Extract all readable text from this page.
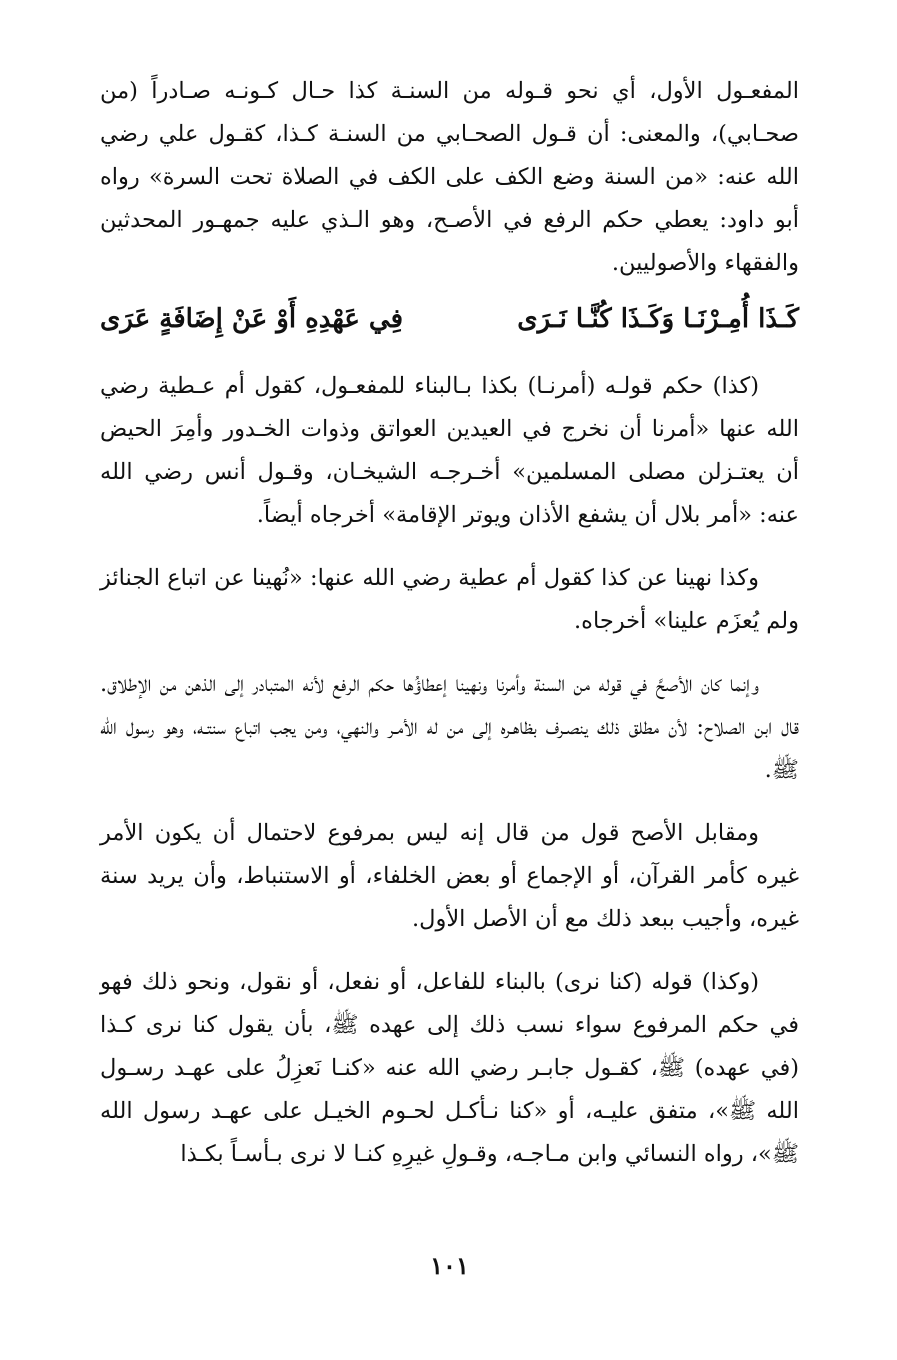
المفعـول الأول، أي نحو قـوله من السنـة كذا حـال كـونـه صـادراً (من صحـابي)، والمعنى: أن قـول الصحـابي من السنـة كـذا، كقـول علي رضي الله عنه: «من السنة وضع الكف على الكف في الصلاة تحت السرة» رواه أبو داود: يعطي حكم الرفع في الأصـح، وهو الـذي عليه جمهـور المحدثين والفقهاء والأصوليين.

كَـذَا أُمِـرْنَـا وَكَـذَا كُنَّـا نَـرَى
فِي عَهْدِهِ أَوْ عَنْ إِضَافَةٍ عَرَى

(كذا) حكم قولـه (أمرنـا) بكذا بـالبناء للمفعـول، كقول أم عـطية رضي الله عنها «أمرنا أن نخرج في العيدين العواتق وذوات الخـدور وأمِرَ الحيض أن يعتـزلن مصلى المسلمين» أخـرجـه الشيخـان، وقـول أنس رضي الله عنه: «أمر بلال أن يشفع الأذان ويوتر الإقامة» أخرجاه أيضاً.

وكذا نهينا عن كذا كقول أم عطية رضي الله عنها: «نُهينا عن اتباع الجنائز ولم يُعزَم علينا» أخرجاه.

وإنما كان الأصحَّ في قوله من السنة وأمرنا ونهينا إعطاؤُها حكم الرفع لأنه المتبادر إلى الذهن من الإطلاق. قال ابن الصلاح: لأن مطلق ذلك ينصـرف بظاهـره إلى من له الأمـر والنهي، ومن يجب اتباع سنتـه، وهو رسول الله ﷺ.

ومقابل الأصح قول من قال إنه ليس بمرفوع لاحتمال أن يكون الأمر غيره كأمر القرآن، أو الإجماع أو بعض الخلفاء، أو الاستنباط، وأن يريد سنة غيره، وأجيب ببعد ذلك مع أن الأصل الأول.

(وكذا) قوله (كنا نرى) بالبناء للفاعل، أو نفعل، أو نقول، ونحو ذلك فهو في حكم المرفوع سواء نسب ذلك إلى عهده ﷺ، بأن يقول كنا نرى كـذا (في عهده) ﷺ، كقـول جابـر رضي الله عنه «كنـا نَعزِلُ على عهـد رسـول الله ﷺ»، متفق عليـه، أو «كنا نـأكـل لحـوم الخيـل على عهـد رسول الله ﷺ»، رواه النسائي وابن مـاجـه، وقـولِ غيرِهِ كنـا لا نرى بـأسـاً بكـذا

١٠١
